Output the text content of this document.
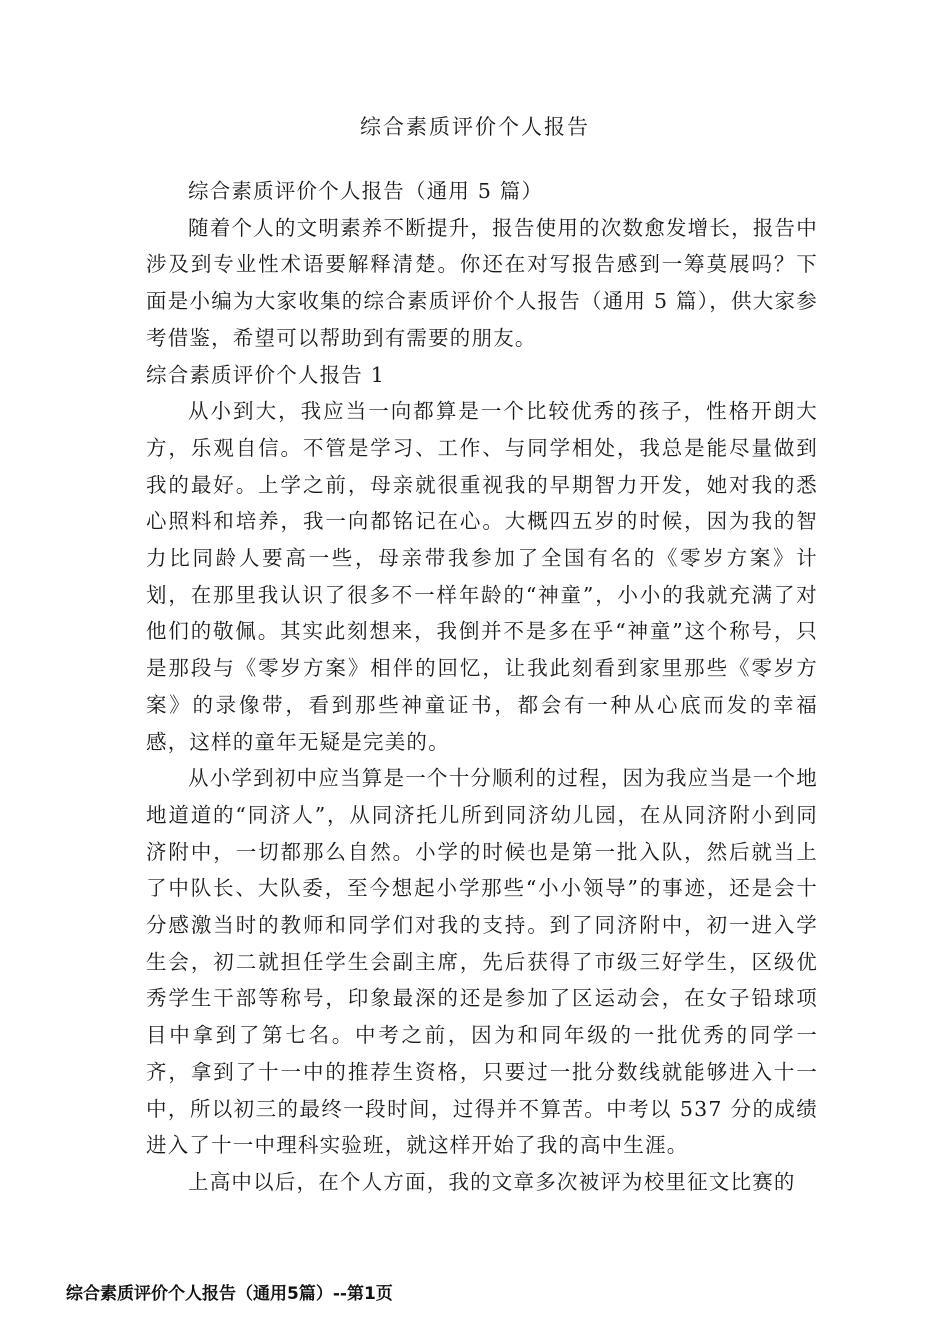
综合素质评价个人报告

综合素质评价个人报告（通用 5 篇）

随着个人的文明素养不断提升，报告使用的次数愈发增长，报告中涉及到专业性术语要解释清楚。你还在对写报告感到一筹莫展吗？下面是小编为大家收集的综合素质评价个人报告（通用 5 篇），供大家参考借鉴，希望可以帮助到有需要的朋友。

综合素质评价个人报告 1

从小到大，我应当一向都算是一个比较优秀的孩子，性格开朗大方，乐观自信。不管是学习、工作、与同学相处，我总是能尽量做到我的最好。上学之前，母亲就很重视我的早期智力开发，她对我的悉心照料和培养，我一向都铭记在心。大概四五岁的时候，因为我的智力比同龄人要高一些，母亲带我参加了全国有名的《零岁方案》计划，在那里我认识了很多不一样年龄的“神童”，小小的我就充满了对他们的敬佩。其实此刻想来，我倒并不是多在乎“神童”这个称号，只是那段与《零岁方案》相伴的回忆，让我此刻看到家里那些《零岁方案》的录像带，看到那些神童证书，都会有一种从心底而发的幸福感，这样的童年无疑是完美的。

从小学到初中应当算是一个十分顺利的过程，因为我应当是一个地地道道的“同济人”，从同济托儿所到同济幼儿园，在从同济附小到同济附中，一切都那么自然。小学的时候也是第一批入队，然后就当上了中队长、大队委，至今想起小学那些“小小领导”的事迹，还是会十分感激当时的教师和同学们对我的支持。到了同济附中，初一进入学生会，初二就担任学生会副主席，先后获得了市级三好学生，区级优秀学生干部等称号，印象最深的还是参加了区运动会，在女子铅球项目中拿到了第七名。中考之前，因为和同年级的一批优秀的同学一齐，拿到了十一中的推荐生资格，只要过一批分数线就能够进入十一中，所以初三的最终一段时间，过得并不算苦。中考以 537 分的成绩进入了十一中理科实验班，就这样开始了我的高中生涯。

上高中以后，在个人方面，我的文章多次被评为校里征文比赛的

综合素质评价个人报告（通用5篇）--第1页
